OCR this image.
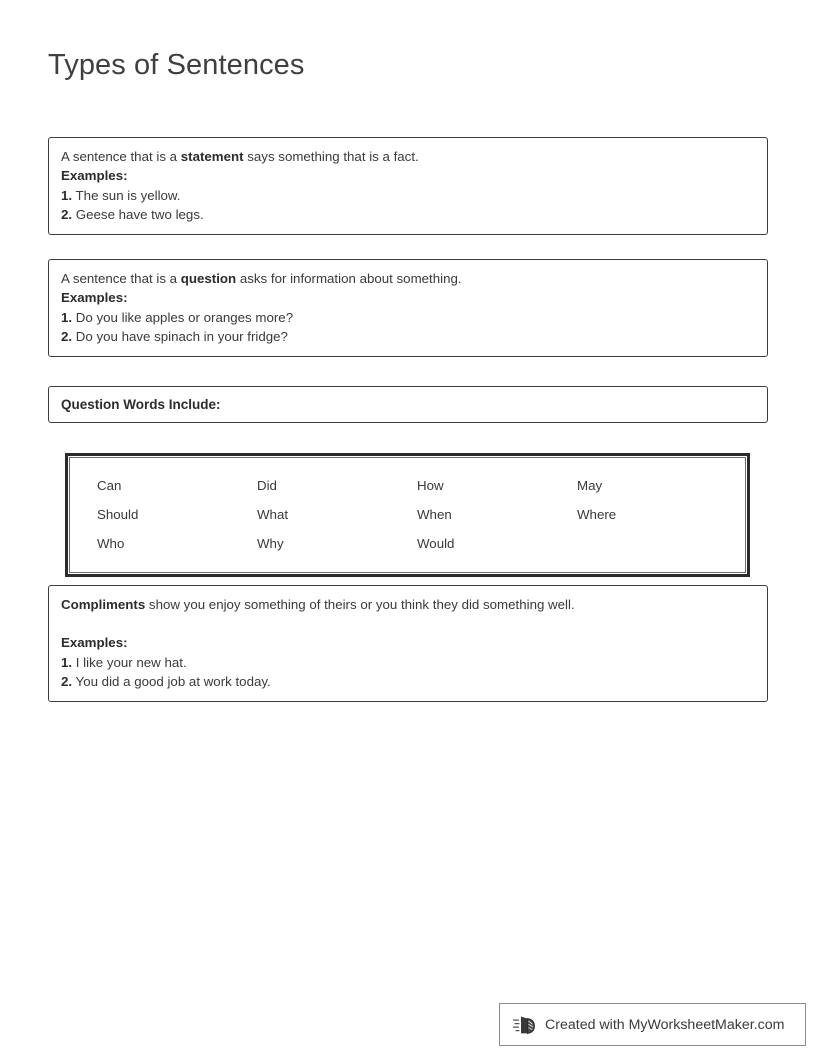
Types of Sentences

A sentence that is a statement says something that is a fact.

Examples:

1. The sun is yellow.

2. Geese have two legs.

A sentence that is a question asks for information about something.

Examples:

1. Do you like apples or oranges more?

2. Do you have spinach in your fridge?

Question Words Include:
Can	Did	How	May
Should	What	When	Where
Who	Why	Would

Compliments show you enjoy something of theirs or you think they did something well.

Examples:

1. I like your new hat.

2. You did a good job at work today.

Created with MyWorksheetMaker.com
